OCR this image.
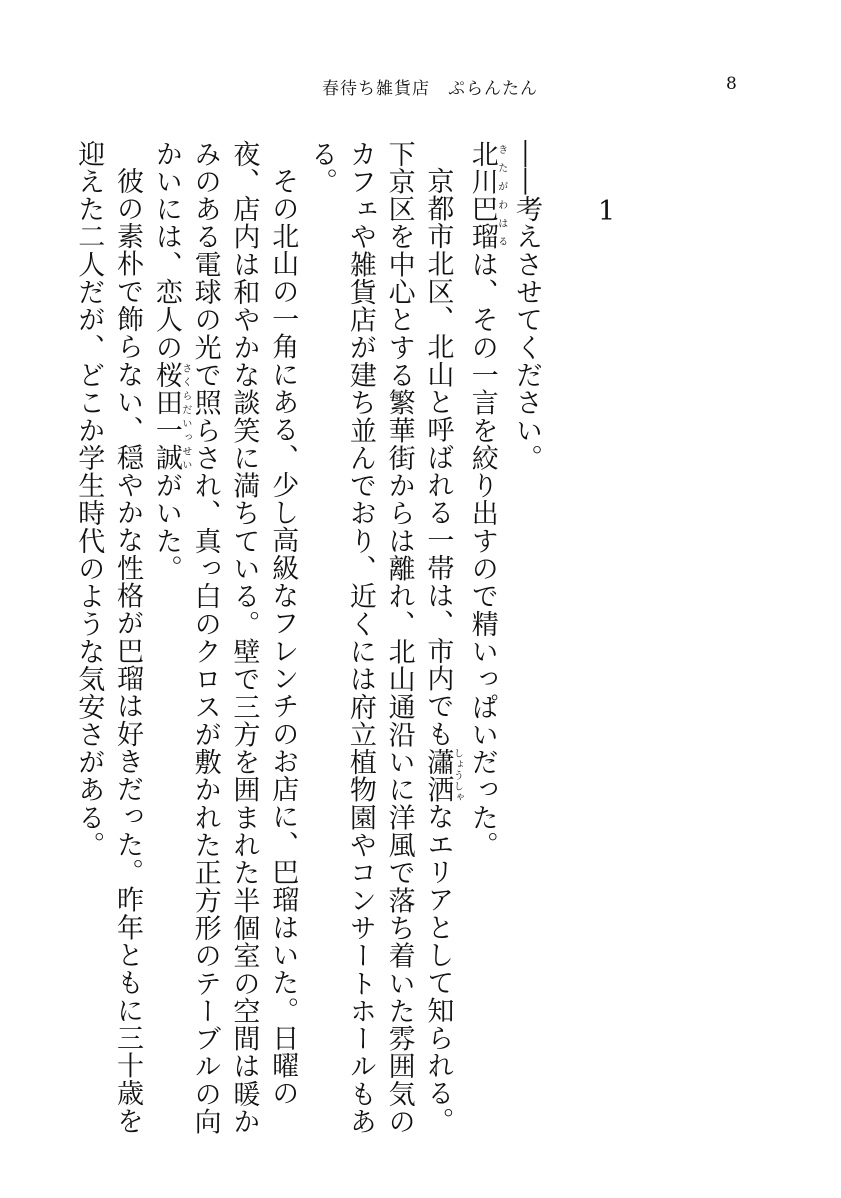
春待ち雑貨店　ぷらんたん	8
1

――考えさせてください。

北川巴瑠きたがわはるは、その一言を絞り出すので精いっぱいだった。

京都市北区、北山と呼ばれる一帯は、市内でも瀟洒しょうしゃなエリアとして知られる。下京区を中心とする繁華街からは離れ、北山通沿いに洋風で落ち着いた雰囲気のカフェや雑貨店が建ち並んでおり、近くには府立植物園やコンサートホールもある。

その北山の一角にある、少し高級なフレンチのお店に、巴瑠はいた。日曜の夜、店内は和やかな談笑に満ちている。壁で三方を囲まれた半個室の空間は暖かみのある電球の光で照らされ、真っ白のクロスが敷かれた正方形のテーブルの向かいには、恋人の桜田一誠さくらだいっせいがいた。

彼の素朴で飾らない、穏やかな性格が巴瑠は好きだった。昨年ともに三十歳を迎えた二人だが、どこか学生時代のような気安さがある。
